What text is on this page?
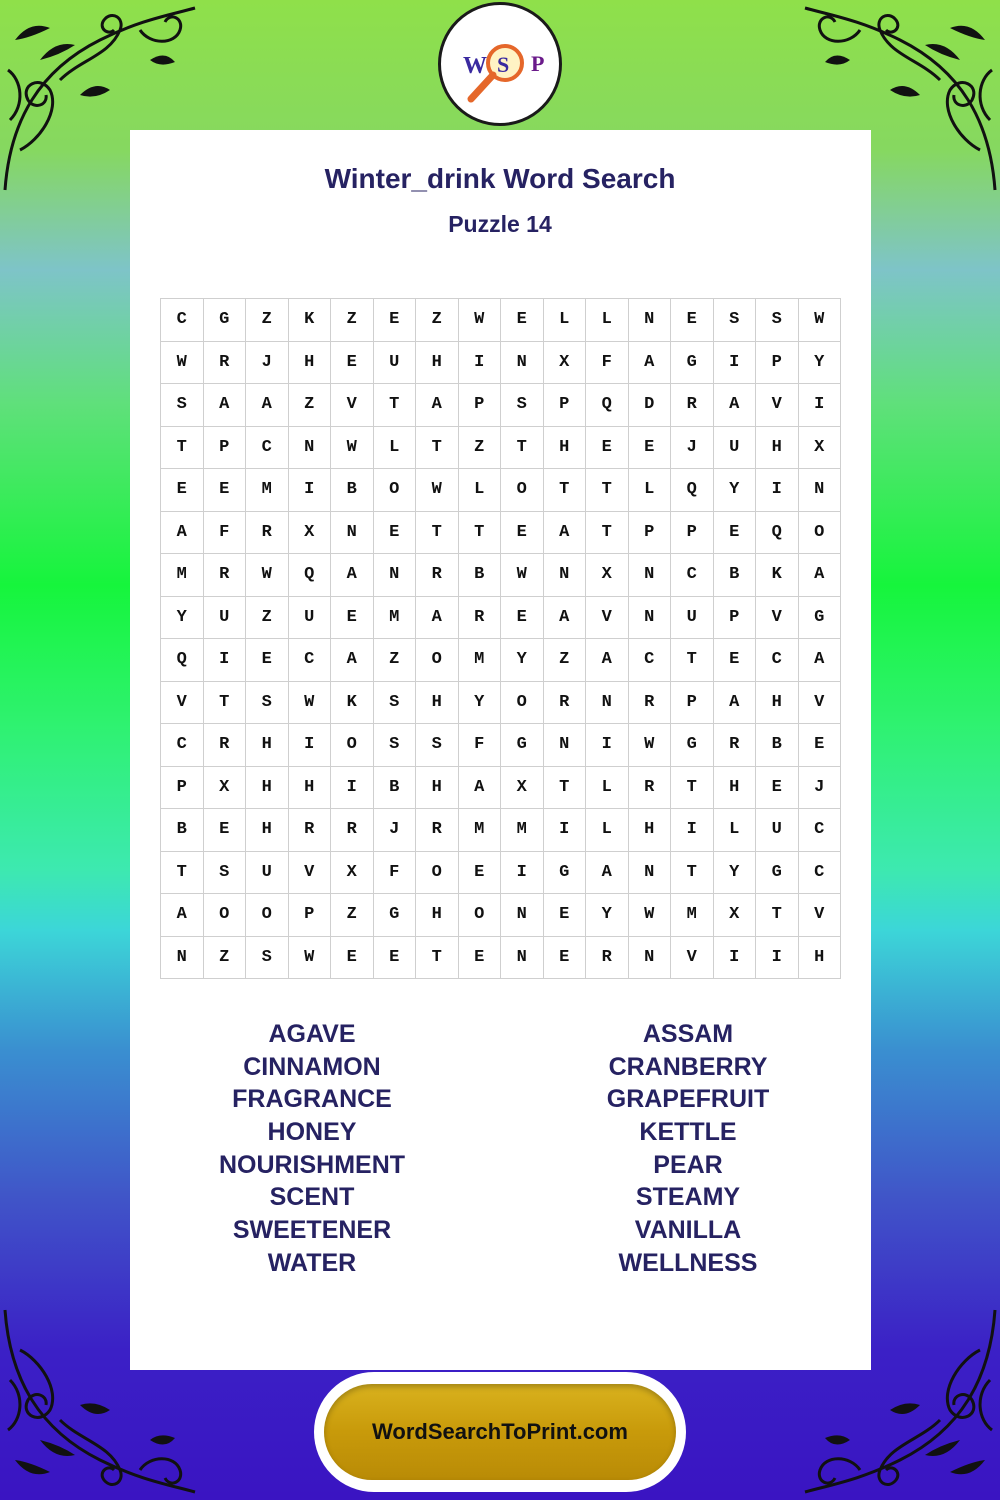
W S P
Winter_drink Word Search
Puzzle 14
C	G	Z	K	Z	E	Z	W	E	L	L	N	E	S	S	W
W	R	J	H	E	U	H	I	N	X	F	A	G	I	P	Y
S	A	A	Z	V	T	A	P	S	P	Q	D	R	A	V	I
T	P	C	N	W	L	T	Z	T	H	E	E	J	U	H	X
E	E	M	I	B	O	W	L	O	T	T	L	Q	Y	I	N
A	F	R	X	N	E	T	T	E	A	T	P	P	E	Q	O
M	R	W	Q	A	N	R	B	W	N	X	N	C	B	K	A
Y	U	Z	U	E	M	A	R	E	A	V	N	U	P	V	G
Q	I	E	C	A	Z	O	M	Y	Z	A	C	T	E	C	A
V	T	S	W	K	S	H	Y	O	R	N	R	P	A	H	V
C	R	H	I	O	S	S	F	G	N	I	W	G	R	B	E
P	X	H	H	I	B	H	A	X	T	L	R	T	H	E	J
B	E	H	R	R	J	R	M	M	I	L	H	I	L	U	C
T	S	U	V	X	F	O	E	I	G	A	N	T	Y	G	C
A	O	O	P	Z	G	H	O	N	E	Y	W	M	X	T	V
N	Z	S	W	E	E	T	E	N	E	R	N	V	I	I	H
AGAVE
CINNAMON
FRAGRANCE
HONEY
NOURISHMENT
SCENT
SWEETENER
WATER
ASSAM
CRANBERRY
GRAPEFRUIT
KETTLE
PEAR
STEAMY
VANILLA
WELLNESS
WordSearchToPrint.com
